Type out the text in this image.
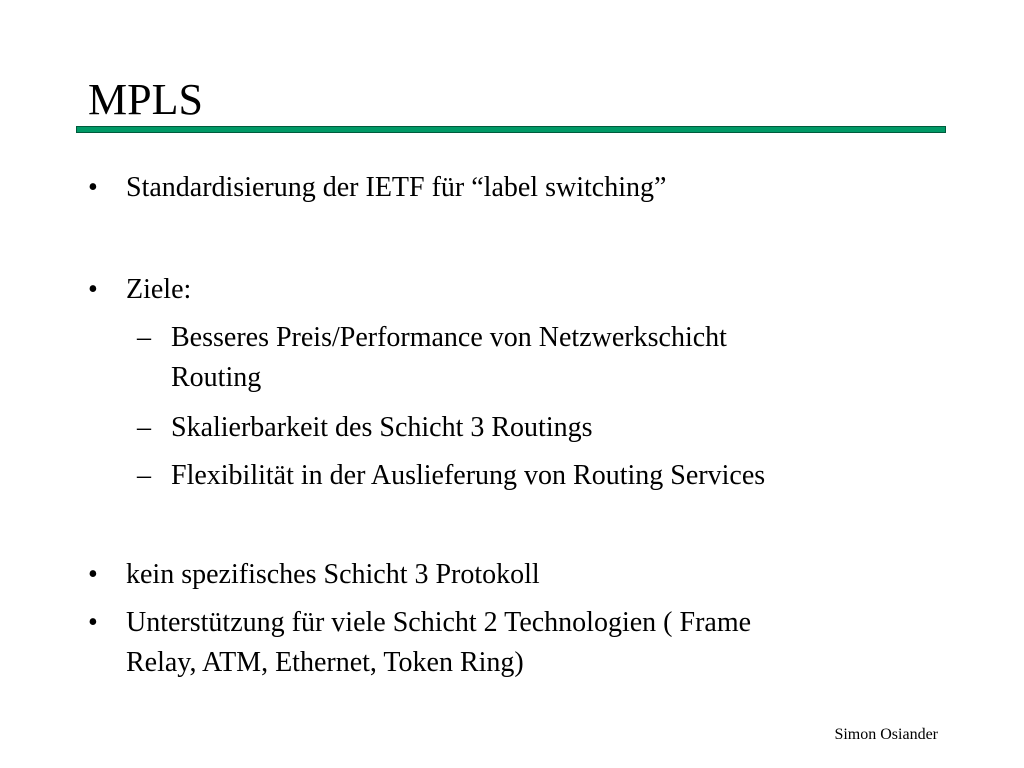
MPLS
• Standardisierung der IETF für “label switching”
• Ziele:
– Besseres Preis/Performance von Netzwerkschicht
Routing
– Skalierbarkeit des Schicht 3 Routings
– Flexibilität in der Auslieferung von Routing Services
• kein spezifisches Schicht 3 Protokoll
• Unterstützung für viele Schicht 2 Technologien ( Frame
Relay, ATM, Ethernet, Token Ring)
Simon Osiander
